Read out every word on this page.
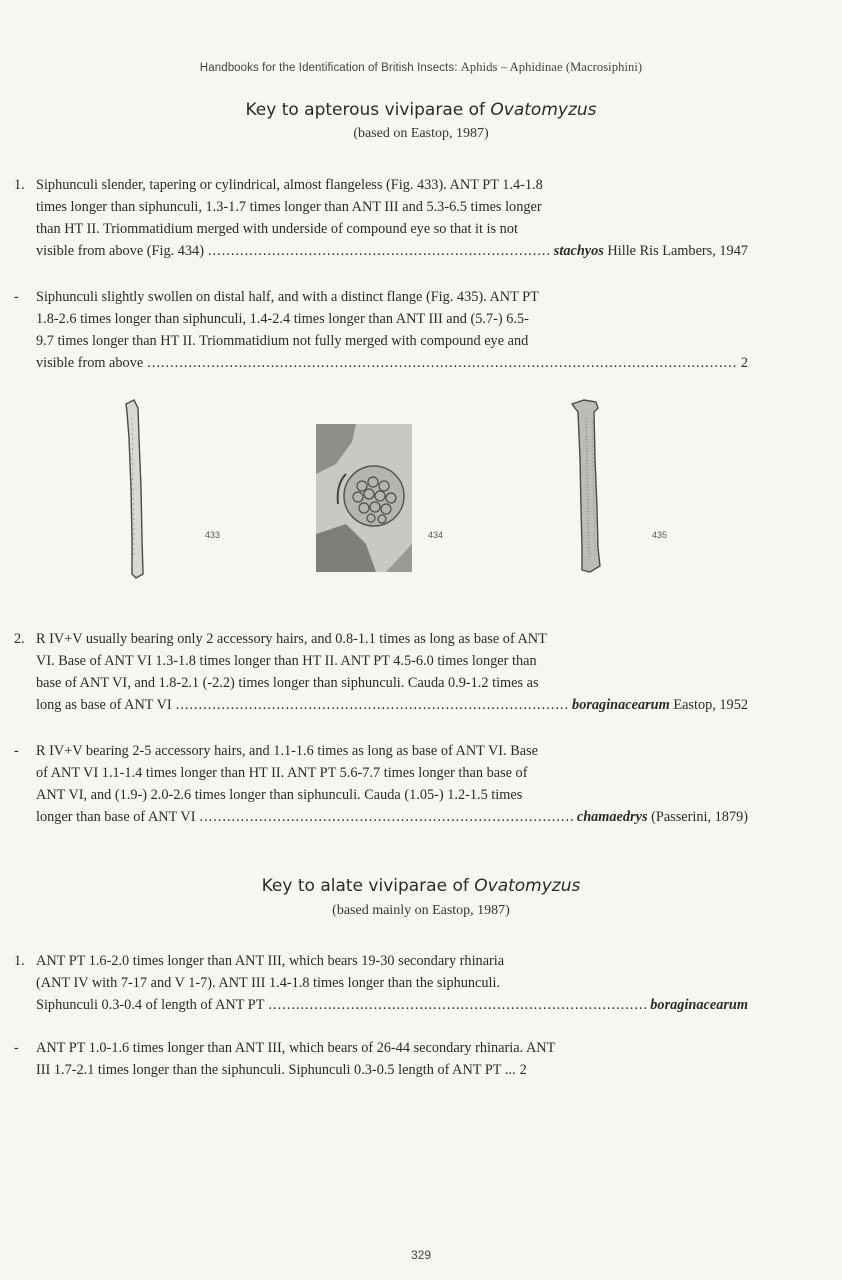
Handbooks for the Identification of British Insects: Aphids – Aphidinae (Macrosiphini)
Key to apterous viviparae of Ovatomyzus
(based on Eastop, 1987)
1. Siphunculi slender, tapering or cylindrical, almost flangeless (Fig. 433). ANT PT 1.4-1.8
times longer than siphunculi, 1.3-1.7 times longer than ANT III and 5.3-6.5 times longer
than HT II. Triommatidium merged with underside of compound eye so that it is not
visible from above (Fig. 434) .....	stachyos Hille Ris Lambers, 1947
- Siphunculi slightly swollen on distal half, and with a distinct flange (Fig. 435). ANT PT
1.8-2.6 times longer than siphunculi, 1.4-2.4 times longer than ANT III and (5.7-) 6.5-
9.7 times longer than HT II. Triommatidium not fully merged with compound eye and
visible from above .....	2
433	434	435
2. R IV+V usually bearing only 2 accessory hairs, and 0.8-1.1 times as long as base of ANT
VI. Base of ANT VI 1.3-1.8 times longer than HT II. ANT PT 4.5-6.0 times longer than
base of ANT VI, and 1.8-2.1 (-2.2) times longer than siphunculi. Cauda 0.9-1.2 times as
long as base of ANT VI .....	boraginacearum Eastop, 1952
- R IV+V bearing 2-5 accessory hairs, and 1.1-1.6 times as long as base of ANT VI. Base
of ANT VI 1.1-1.4 times longer than HT II. ANT PT 5.6-7.7 times longer than base of
ANT VI, and (1.9-) 2.0-2.6 times longer than siphunculi. Cauda (1.05-) 1.2-1.5 times
longer than base of ANT VI .....	chamaedrys (Passerini, 1879)
Key to alate viviparae of Ovatomyzus
(based mainly on Eastop, 1987)
1. ANT PT 1.6-2.0 times longer than ANT III, which bears 19-30 secondary rhinaria
(ANT IV with 7-17 and V 1-7). ANT III 1.4-1.8 times longer than the siphunculi.
Siphunculi 0.3-0.4 of length of ANT PT .....	boraginacearum
- ANT PT 1.0-1.6 times longer than ANT III, which bears of 26-44 secondary rhinaria. ANT
III 1.7-2.1 times longer than the siphunculi. Siphunculi 0.3-0.5 length of ANT PT ... 2
329
